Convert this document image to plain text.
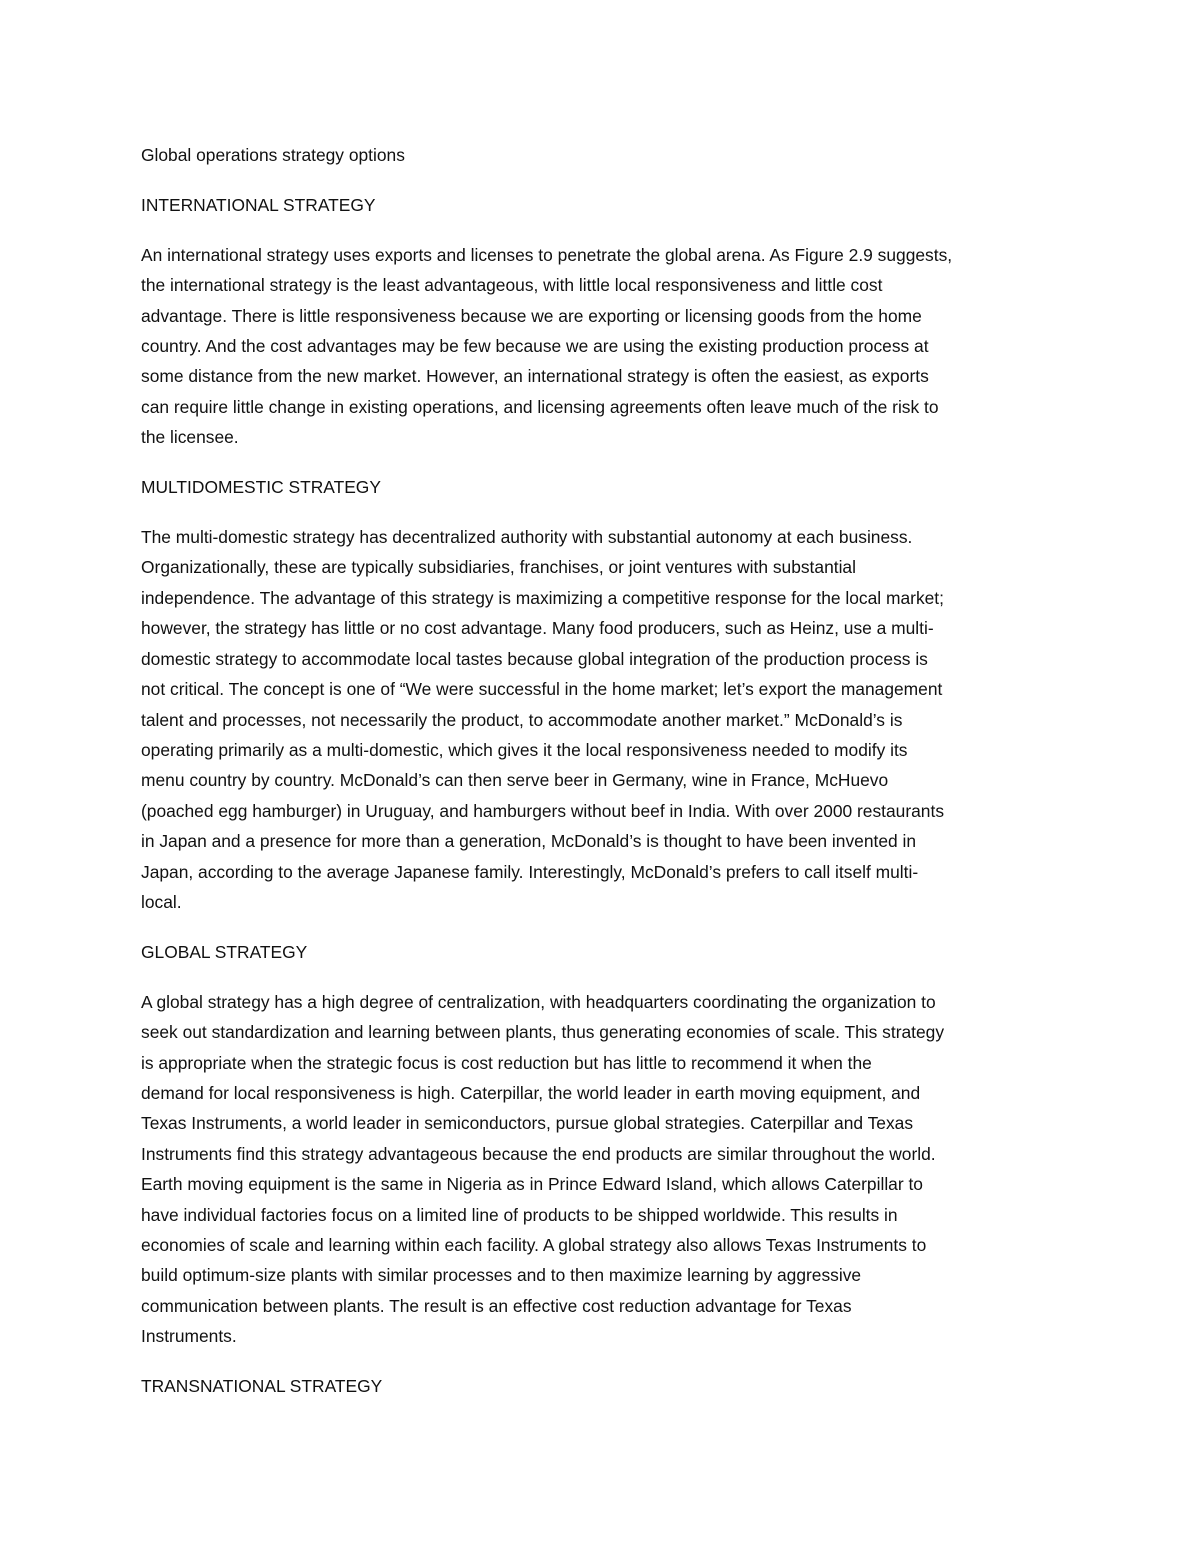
Global operations strategy options
INTERNATIONAL STRATEGY
An international strategy uses exports and licenses to penetrate the global arena. As Figure 2.9 suggests,
the international strategy is the least advantageous, with little local responsiveness and little cost
advantage. There is little responsiveness because we are exporting or licensing goods from the home
country. And the cost advantages may be few because we are using the existing production process at
some distance from the new market. However, an international strategy is often the easiest, as exports
can require little change in existing operations, and licensing agreements often leave much of the risk to
the licensee.
MULTIDOMESTIC STRATEGY
The multi-domestic strategy has decentralized authority with substantial autonomy at each business.
Organizationally, these are typically subsidiaries, franchises, or joint ventures with substantial
independence. The advantage of this strategy is maximizing a competitive response for the local market;
however, the strategy has little or no cost advantage. Many food producers, such as Heinz, use a multi-
domestic strategy to accommodate local tastes because global integration of the production process is
not critical. The concept is one of “We were successful in the home market; let’s export the management
talent and processes, not necessarily the product, to accommodate another market.” McDonald’s is
operating primarily as a multi-domestic, which gives it the local responsiveness needed to modify its
menu country by country. McDonald’s can then serve beer in Germany, wine in France, McHuevo
(poached egg hamburger) in Uruguay, and hamburgers without beef in India. With over 2000 restaurants
in Japan and a presence for more than a generation, McDonald’s is thought to have been invented in
Japan, according to the average Japanese family. Interestingly, McDonald’s prefers to call itself multi-
local.
GLOBAL STRATEGY
A global strategy has a high degree of centralization, with headquarters coordinating the organization to
seek out standardization and learning between plants, thus generating economies of scale. This strategy
is appropriate when the strategic focus is cost reduction but has little to recommend it when the
demand for local responsiveness is high. Caterpillar, the world leader in earth moving equipment, and
Texas Instruments, a world leader in semiconductors, pursue global strategies. Caterpillar and Texas
Instruments find this strategy advantageous because the end products are similar throughout the world.
Earth moving equipment is the same in Nigeria as in Prince Edward Island, which allows Caterpillar to
have individual factories focus on a limited line of products to be shipped worldwide. This results in
economies of scale and learning within each facility. A global strategy also allows Texas Instruments to
build optimum-size plants with similar processes and to then maximize learning by aggressive
communication between plants. The result is an effective cost reduction advantage for Texas
Instruments.
TRANSNATIONAL STRATEGY
